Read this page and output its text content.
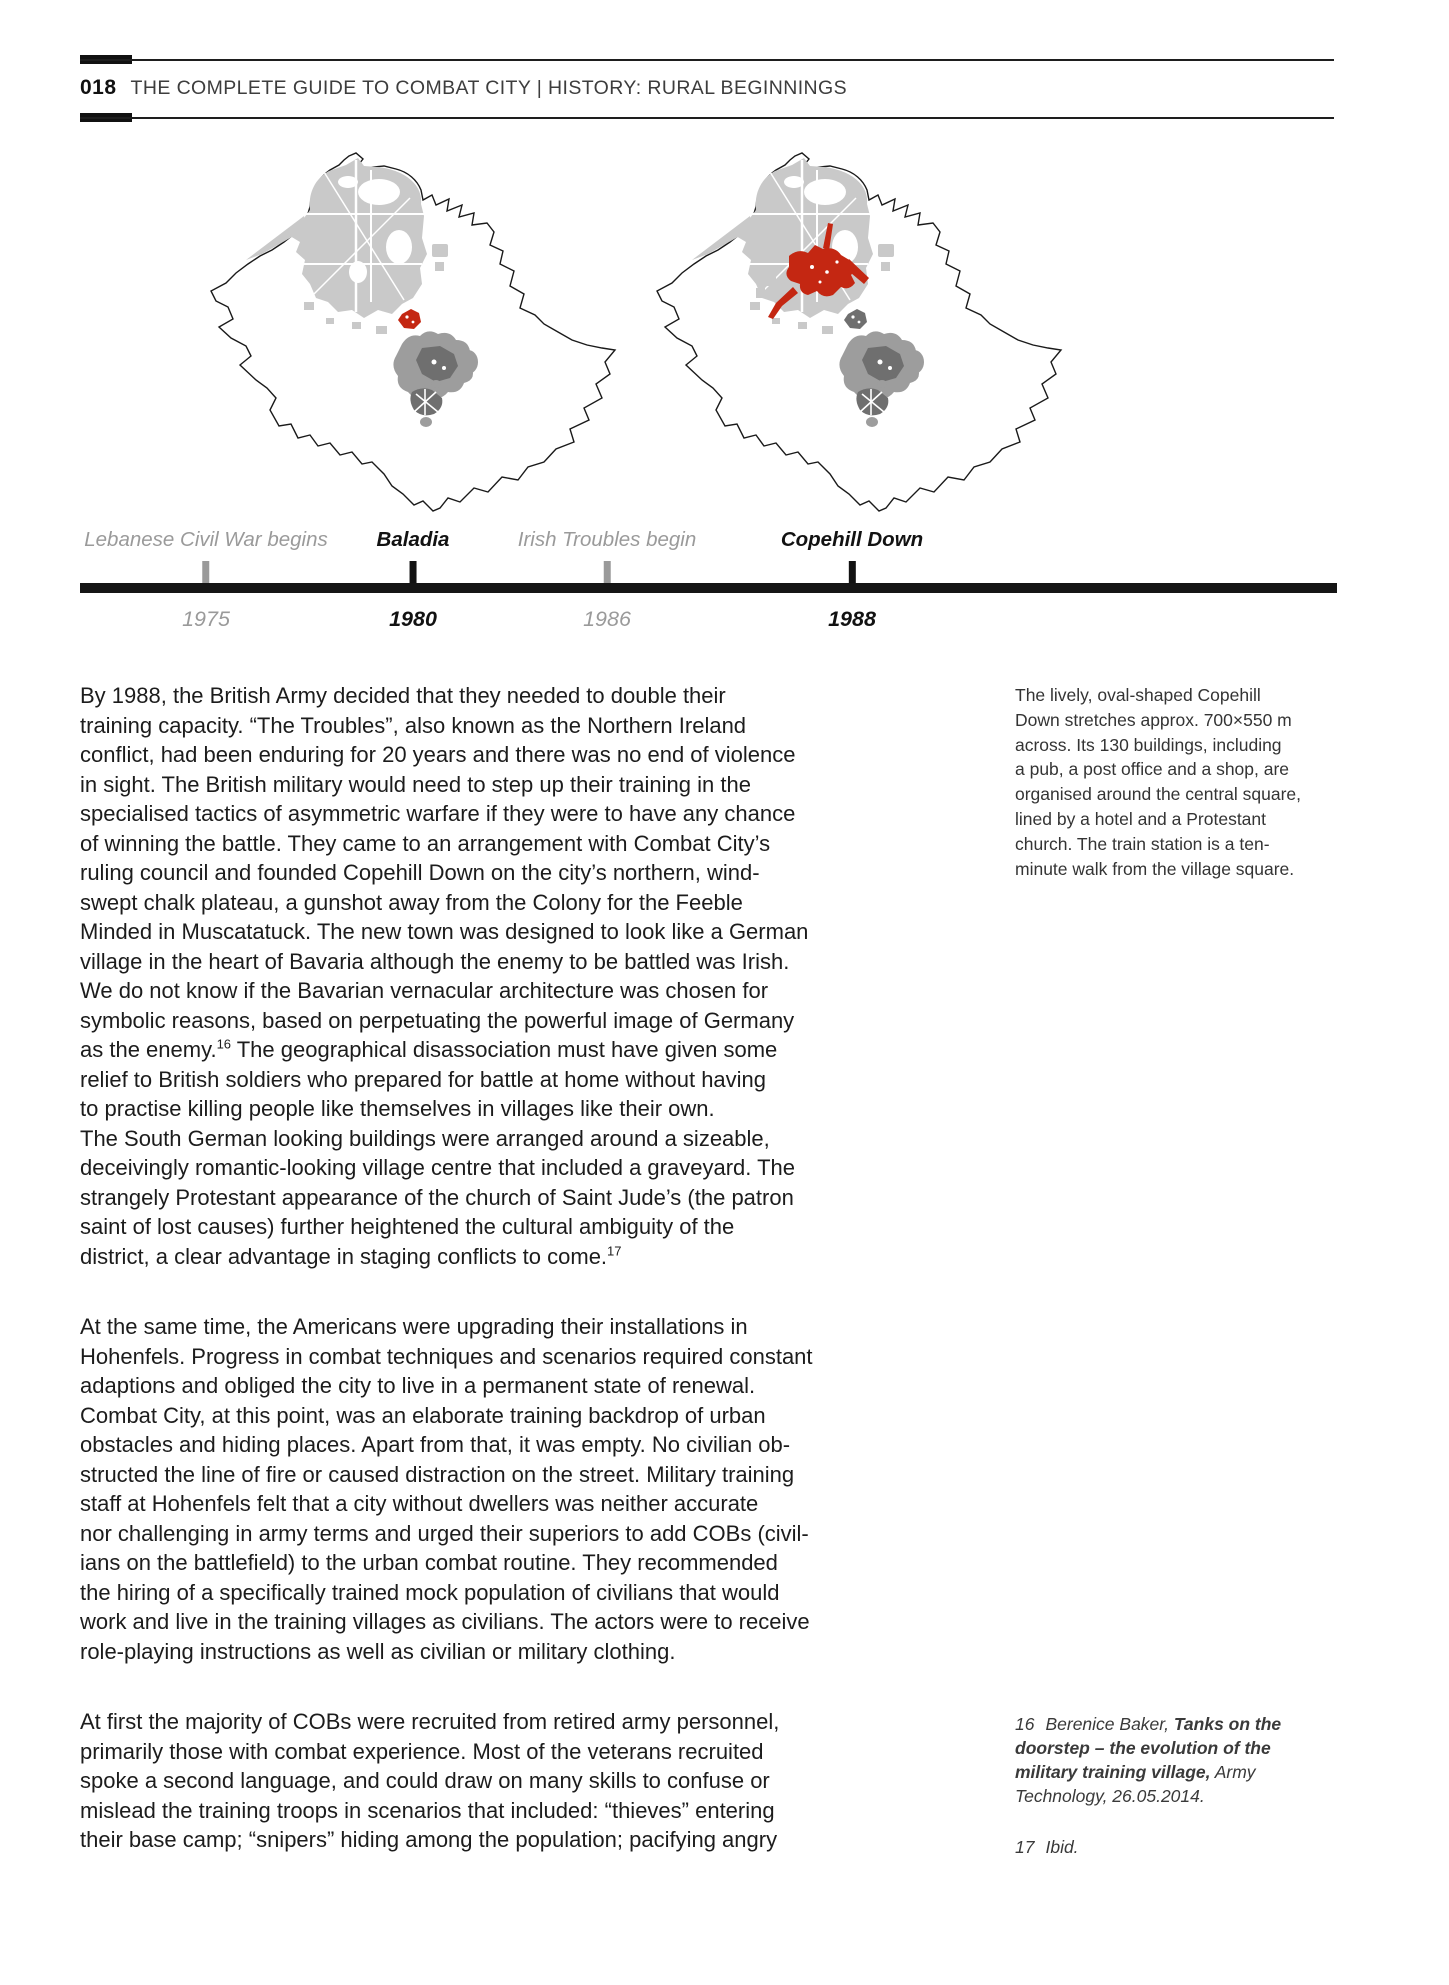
018 THE COMPLETE GUIDE TO COMBAT CITY | HISTORY: RURAL BEGINNINGS
Lebanese Civil War begins
1975
Baladia
1980
Irish Troubles begin
1986
Copehill Down
1988
By 1988, the British Army decided that they needed to double their
training capacity. “The Troubles”, also known as the Northern Ireland
conflict, had been enduring for 20 years and there was no end of violence
in sight. The British military would need to step up their training in the
specialised tactics of asymmetric warfare if they were to have any chance
of winning the battle. They came to an arrangement with Combat City’s
ruling council and founded Copehill Down on the city’s northern, wind-
swept chalk plateau, a gunshot away from the Colony for the Feeble
Minded in Muscatatuck. The new town was designed to look like a German
village in the heart of Bavaria although the enemy to be battled was Irish.
We do not know if the Bavarian vernacular architecture was chosen for
symbolic reasons, based on perpetuating the powerful image of Germany
as the enemy.$^{16}$ The geographical disassociation must have given some
relief to British soldiers who prepared for battle at home without having
to practise killing people like themselves in villages like their own.
The South German looking buildings were arranged around a sizeable,
deceivingly romantic-looking village centre that included a graveyard. The
strangely Protestant appearance of the church of Saint Jude’s (the patron
saint of lost causes) further heightened the cultural ambiguity of the
district, a clear advantage in staging conflicts to come.$^{17}$
At the same time, the Americans were upgrading their installations in
Hohenfels. Progress in combat techniques and scenarios required constant
adaptions and obliged the city to live in a permanent state of renewal.
Combat City, at this point, was an elaborate training backdrop of urban
obstacles and hiding places. Apart from that, it was empty. No civilian ob-
structed the line of fire or caused distraction on the street. Military training
staff at Hohenfels felt that a city without dwellers was neither accurate
nor challenging in army terms and urged their superiors to add COBs (civil-
ians on the battlefield) to the urban combat routine. They recommended
the hiring of a specifically trained mock population of civilians that would
work and live in the training villages as civilians. The actors were to receive
role-playing instructions as well as civilian or military clothing.
At first the majority of COBs were recruited from retired army personnel,
primarily those with combat experience. Most of the veterans recruited
spoke a second language, and could draw on many skills to confuse or
mislead the training troops in scenarios that included: “thieves” entering
their base camp; “snipers” hiding among the population; pacifying angry
The lively, oval-shaped Copehill
Down stretches approx. 700×550 m
across. Its 130 buildings, including
a pub, a post office and a shop, are
organised around the central square,
lined by a hotel and a Protestant
church. The train station is a ten-
minute walk from the village square.
16 Berenice Baker, Tanks on the doorstep – the evolution of the military training village, Army Technology, 26.05.2014.
17 Ibid.
